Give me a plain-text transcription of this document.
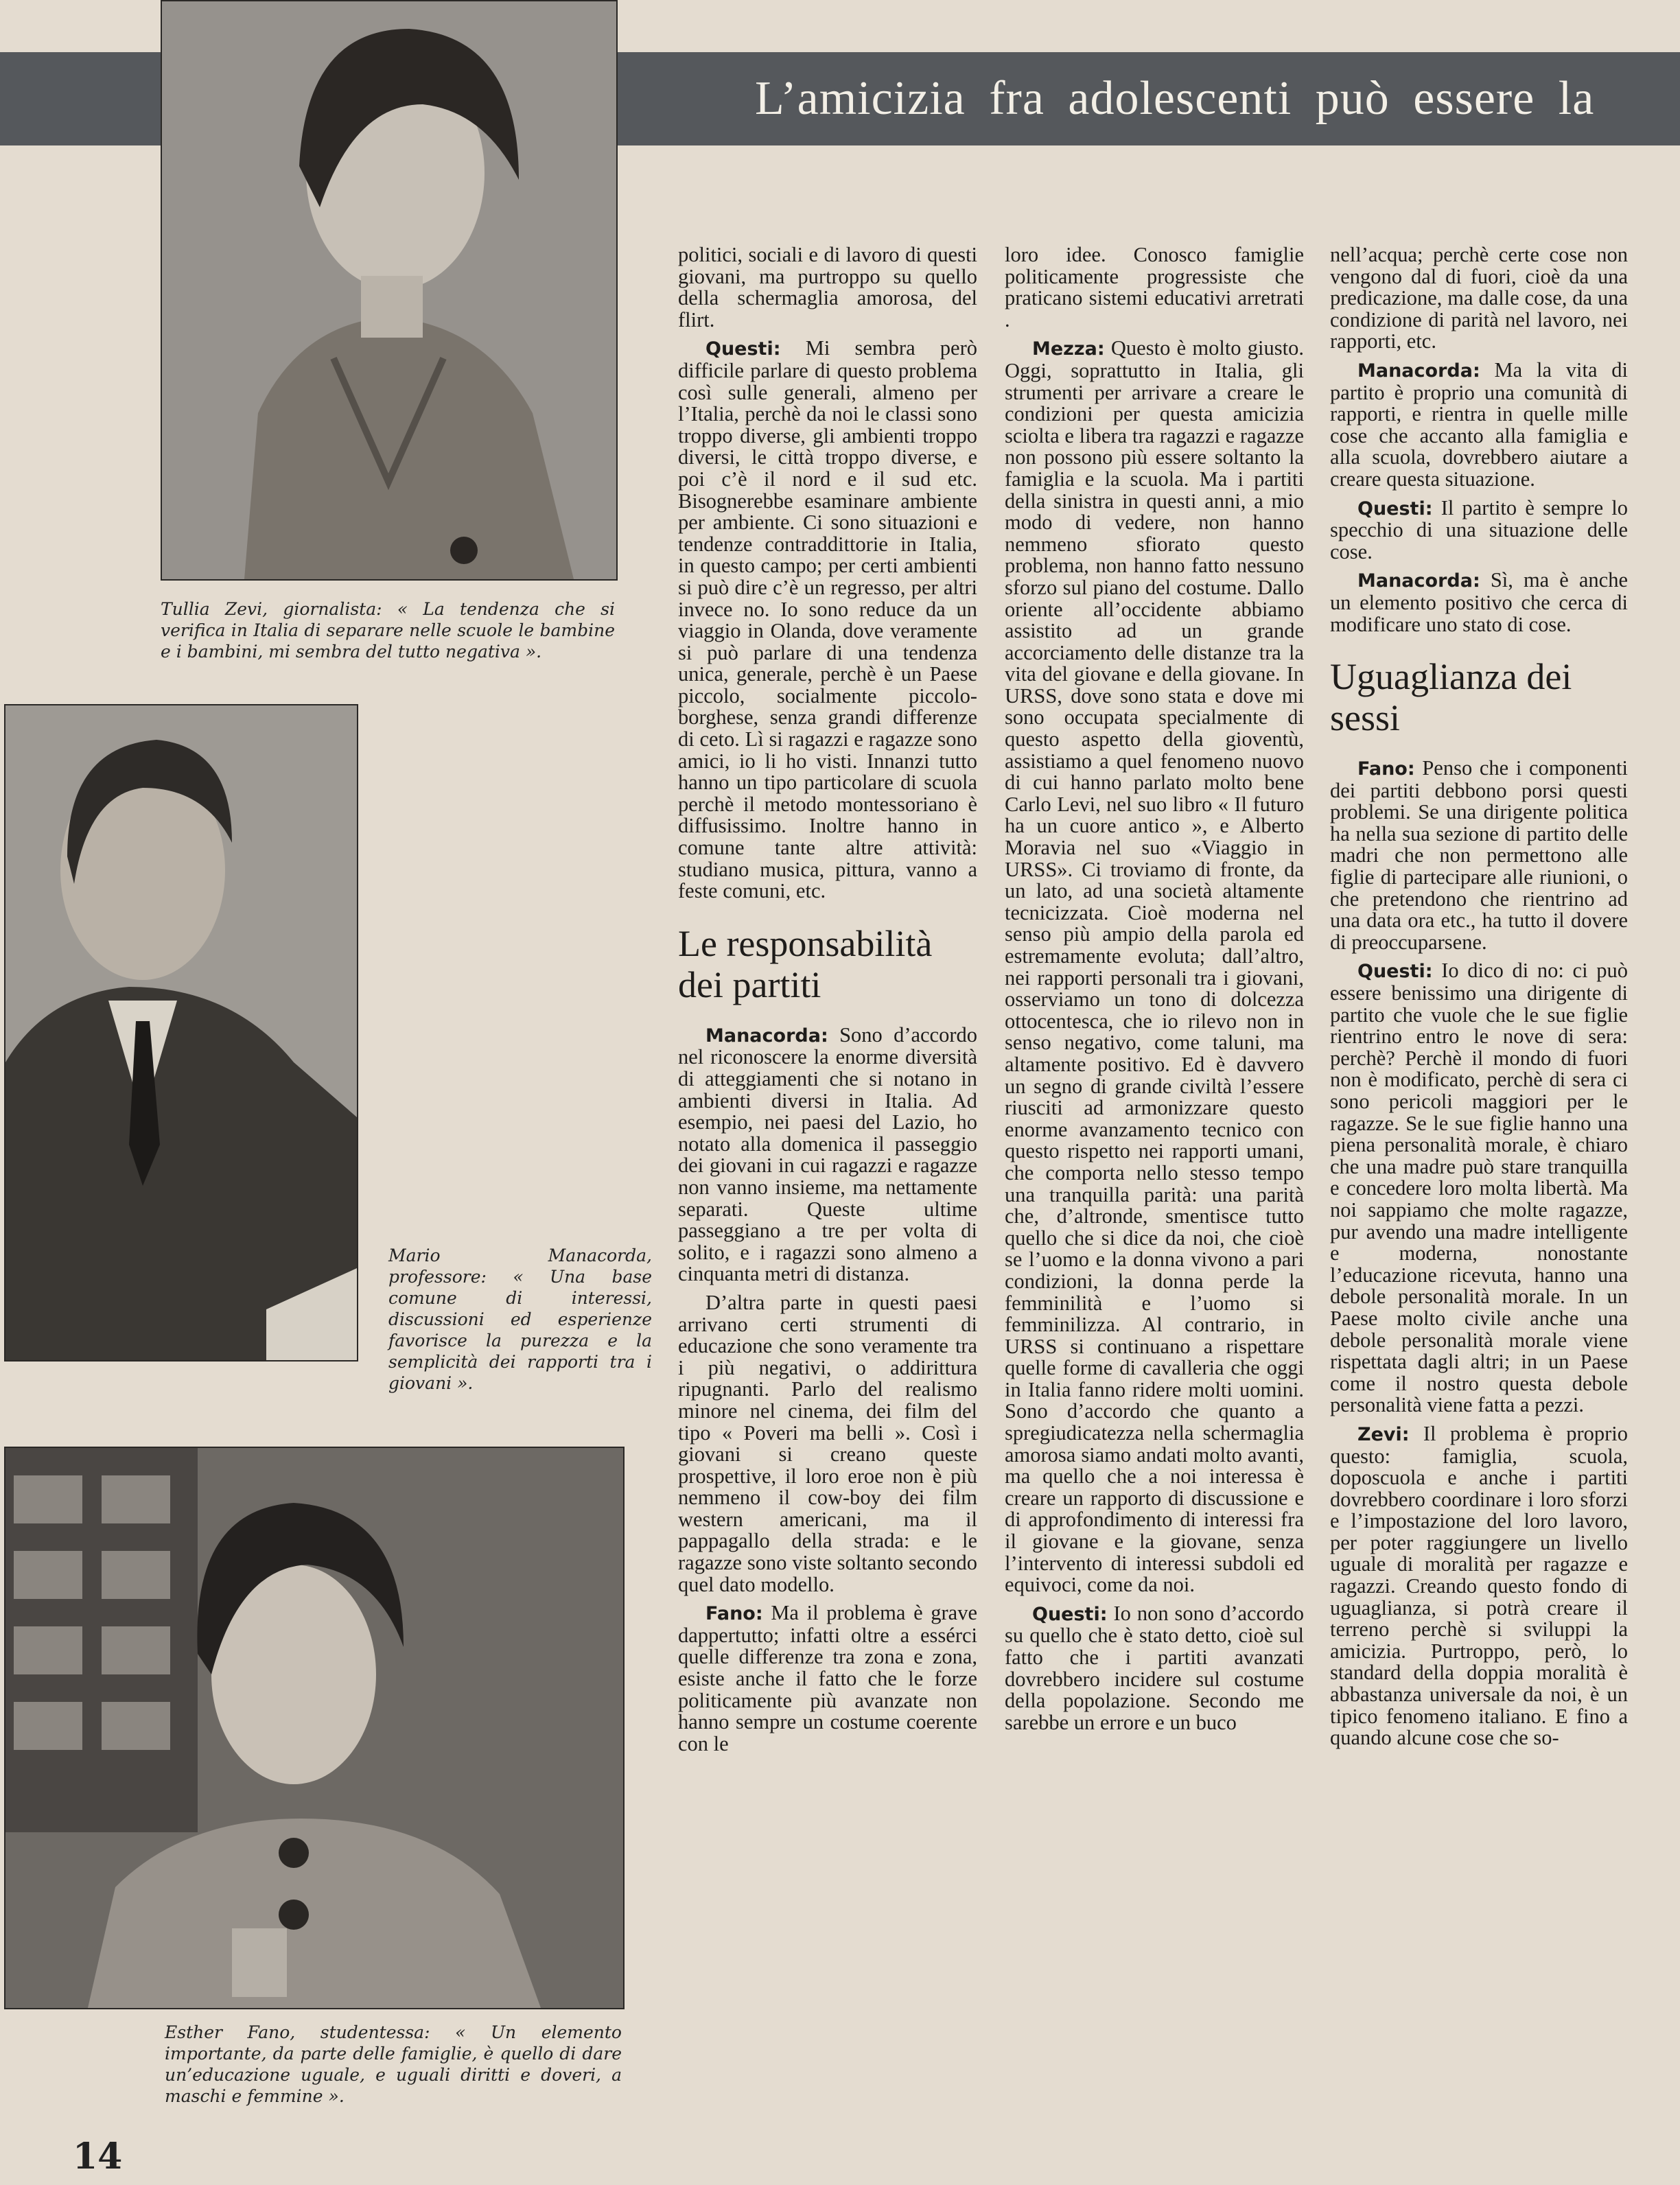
L’amicizia fra adolescenti può essere la
Tullia Zevi, giornalista: « La tendenza che si verifica in Italia di separare nelle scuole le bambine e i bambini, mi sembra del tutto negativa ».
Mario Manacorda, professore: « Una base comune di interessi, discussioni ed esperienze favorisce la purezza e la semplicità dei rapporti tra i giovani ».
Esther Fano, studentessa: « Un elemento importante, da parte delle famiglie, è quello di dare un’educazione uguale, e uguali diritti e doveri, a maschi e femmine ».

politici, sociali e di lavoro di questi giovani, ma purtroppo su quello della schermaglia amorosa, del flirt.

Questi: Mi sembra però difficile parlare di questo problema così sulle generali, almeno per l’Italia, perchè da noi le classi sono troppo diverse, gli ambienti troppo diversi, le città troppo diverse, e poi c’è il nord e il sud etc. Bisognerebbe esaminare ambiente per ambiente. Ci sono situazioni e tendenze contraddittorie in Italia, in questo campo; per certi ambienti si può dire c’è un regresso, per altri invece no. Io sono reduce da un viaggio in Olanda, dove veramente si può parlare di una tendenza unica, generale, perchè è un Paese piccolo, socialmente piccolo-borghese, senza grandi differenze di ceto. Lì si ragazzi e ragazze sono amici, io li ho visti. Innanzi tutto hanno un tipo particolare di scuola perchè il metodo montessoriano è diffusissimo. Inoltre hanno in comune tante altre attività: studiano musica, pittura, vanno a feste comuni, etc.

Le responsabilità dei partiti

Manacorda: Sono d’accordo nel riconoscere la enorme diversità di atteggiamenti che si notano in ambienti diversi in Italia. Ad esempio, nei paesi del Lazio, ho notato alla domenica il passeggio dei giovani in cui ragazzi e ragazze non vanno insieme, ma nettamente separati. Queste ultime passeggiano a tre per volta di solito, e i ragazzi sono almeno a cinquanta metri di distanza.

D’altra parte in questi paesi arrivano certi strumenti di educazione che sono veramente tra i più negativi, o addirittura ripugnanti. Parlo del realismo minore nel cinema, dei film del tipo « Poveri ma belli ». Così i giovani si creano queste prospettive, il loro eroe non è più nemmeno il cow-boy dei film western americani, ma il pappagallo della strada: e le ragazze sono viste soltanto secondo quel dato modello.

Fano: Ma il problema è grave dappertutto; infatti oltre a essérci quelle differenze tra zona e zona, esiste anche il fatto che le forze politicamente più avanzate non hanno sempre un costume coerente con le

loro idee. Conosco famiglie politicamente progressiste che praticano sistemi educativi arretrati .

Mezza: Questo è molto giusto. Oggi, soprattutto in Italia, gli strumenti per arrivare a creare le condizioni per questa amicizia sciolta e libera tra ragazzi e ragazze non possono più essere soltanto la famiglia e la scuola. Ma i partiti della sinistra in questi anni, a mio modo di vedere, non hanno nemmeno sfiorato questo problema, non hanno fatto nessuno sforzo sul piano del costume. Dallo oriente all’occidente abbiamo assistito ad un grande accorciamento delle distanze tra la vita del giovane e della giovane. In URSS, dove sono stata e dove mi sono occupata specialmente di questo aspetto della gioventù, assistiamo a quel fenomeno nuovo di cui hanno parlato molto bene Carlo Levi, nel suo libro « Il futuro ha un cuore antico », e Alberto Moravia nel suo «Viaggio in URSS». Ci troviamo di fronte, da un lato, ad una società altamente tecnicizzata. Cioè moderna nel senso più ampio della parola ed estremamente evoluta; dall’altro, nei rapporti personali tra i giovani, osserviamo un tono di dolcezza ottocentesca, che io rilevo non in senso negativo, come taluni, ma altamente positivo. Ed è davvero un segno di grande civiltà l’essere riusciti ad armonizzare questo enorme avanzamento tecnico con questo rispetto nei rapporti umani, che comporta nello stesso tempo una tranquilla parità: una parità che, d’altronde, smentisce tutto quello che si dice da noi, che cioè se l’uomo e la donna vivono a pari condizioni, la donna perde la femminilità e l’uomo si femminilizza. Al contrario, in URSS si continuano a rispettare quelle forme di cavalleria che oggi in Italia fanno ridere molti uomini. Sono d’accordo che quanto a spregiudicatezza nella schermaglia amorosa siamo andati molto avanti, ma quello che a noi interessa è creare un rapporto di discussione e di approfondimento di interessi fra il giovane e la giovane, senza l’intervento di interessi subdoli ed equivoci, come da noi.

Questi: Io non sono d’accordo su quello che è stato detto, cioè sul fatto che i partiti avanzati dovrebbero incidere sul costume della popolazione. Secondo me sarebbe un errore e un buco

nell’acqua; perchè certe cose non vengono dal di fuori, cioè da una predicazione, ma dalle cose, da una condizione di parità nel lavoro, nei rapporti, etc.

Manacorda: Ma la vita di partito è proprio una comunità di rapporti, e rientra in quelle mille cose che accanto alla famiglia e alla scuola, dovrebbero aiutare a creare questa situazione.

Questi: Il partito è sempre lo specchio di una situazione delle cose.

Manacorda: Sì, ma è anche un elemento positivo che cerca di modificare uno stato di cose.

Uguaglianza dei sessi

Fano: Penso che i componenti dei partiti debbono porsi questi problemi. Se una dirigente politica ha nella sua sezione di partito delle madri che non permettono alle figlie di partecipare alle riunioni, o che pretendono che rientrino ad una data ora etc., ha tutto il dovere di preoccuparsene.

Questi: Io dico di no: ci può essere benissimo una dirigente di partito che vuole che le sue figlie rientrino entro le nove di sera: perchè? Perchè il mondo di fuori non è modificato, perchè di sera ci sono pericoli maggiori per le ragazze. Se le sue figlie hanno una piena personalità morale, è chiaro che una madre può stare tranquilla e concedere loro molta libertà. Ma noi sappiamo che molte ragazze, pur avendo una madre intelligente e moderna, nonostante l’educazione ricevuta, hanno una debole personalità morale. In un Paese molto civile anche una debole personalità morale viene rispettata dagli altri; in un Paese come il nostro questa debole personalità viene fatta a pezzi.

Zevi: Il problema è proprio questo: famiglia, scuola, doposcuola e anche i partiti dovrebbero coordinare i loro sforzi e l’impostazione del loro lavoro, per poter raggiungere un livello uguale di moralità per ragazze e ragazzi. Creando questo fondo di uguaglianza, si potrà creare il terreno perchè si sviluppi la amicizia. Purtroppo, però, lo standard della doppia moralità è abbastanza universale da noi, è un tipico fenomeno italiano. E fino a quando alcune cose che so-

14
